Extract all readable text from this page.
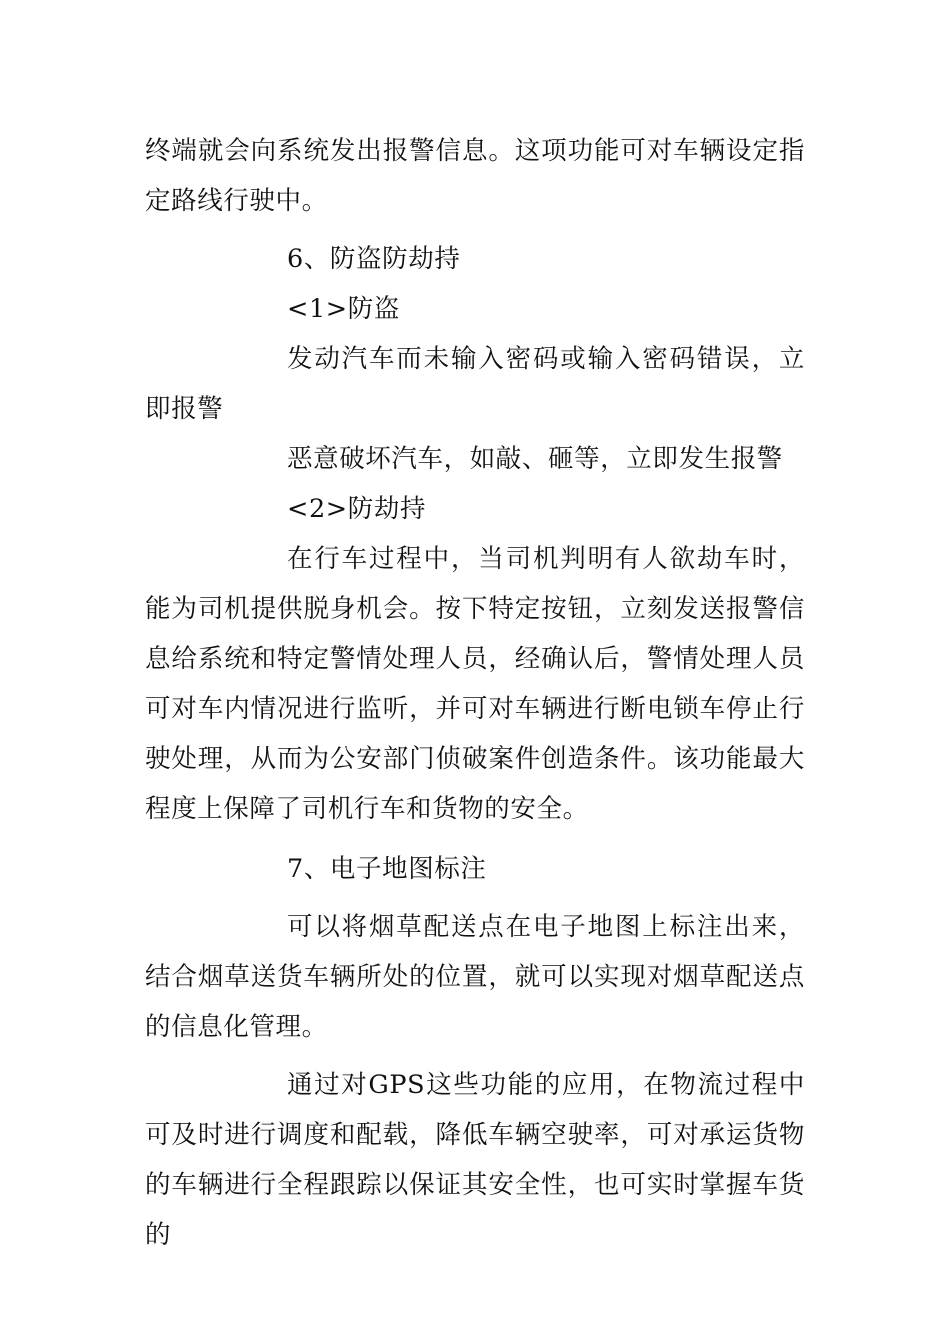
终端就会向系统发出报警信息。这项功能可对车辆设定指定路线行驶中。

6、防盗防劫持

<1>防盗

发动汽车而未输入密码或输入密码错误，立即报警

恶意破坏汽车，如敲、砸等，立即发生报警

<2>防劫持

在行车过程中，当司机判明有人欲劫车时，能为司机提供脱身机会。按下特定按钮，立刻发送报警信息给系统和特定警情处理人员，经确认后，警情处理人员可对车内情况进行监听，并可对车辆进行断电锁车停止行驶处理，从而为公安部门侦破案件创造条件。该功能最大程度上保障了司机行车和货物的安全。

7、电子地图标注

可以将烟草配送点在电子地图上标注出来，结合烟草送货车辆所处的位置，就可以实现对烟草配送点的信息化管理。

通过对GPS这些功能的应用，在物流过程中可及时进行调度和配载，降低车辆空驶率，可对承运货物的车辆进行全程跟踪以保证其安全性，也可实时掌握车货的
